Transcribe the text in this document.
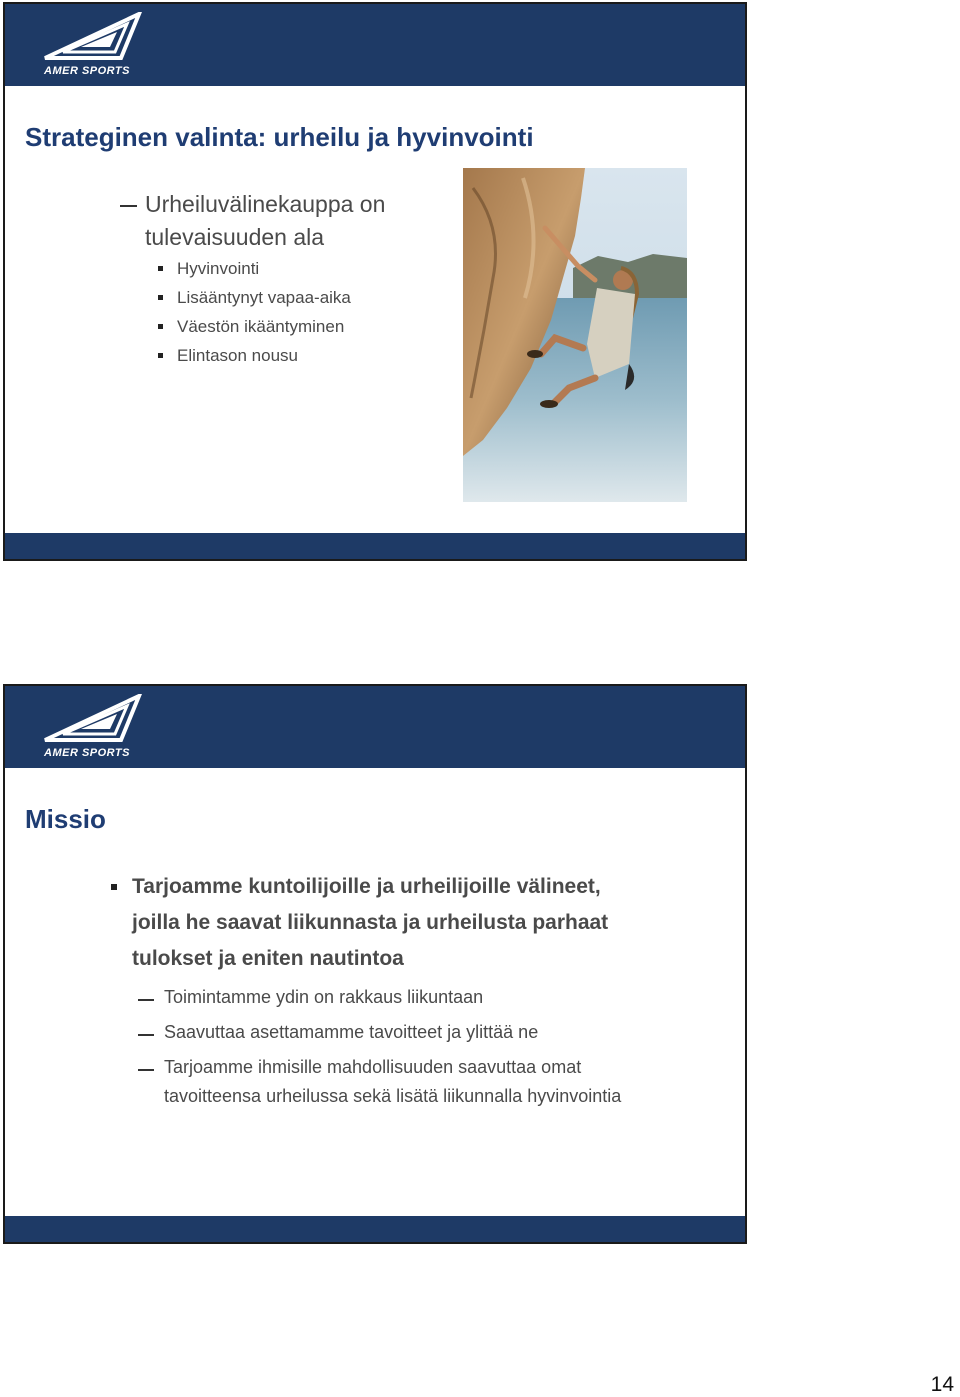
AMER SPORTS
Strateginen valinta: urheilu ja hyvinvointi
Urheiluvälinekauppa on
tulevaisuuden ala
Hyvinvointi
Lisääntynyt vapaa-aika
Väestön ikääntyminen
Elintason nousu
AMER SPORTS
Missio
Tarjoamme kuntoilijoille ja urheilijoille välineet,
joilla he saavat liikunnasta ja urheilusta parhaat
tulokset ja eniten nautintoa
Toimintamme ydin on rakkaus liikuntaan
Saavuttaa asettamamme tavoitteet ja ylittää ne
Tarjoamme ihmisille mahdollisuuden saavuttaa omat
tavoitteensa urheilussa sekä lisätä liikunnalla hyvinvointia
14
